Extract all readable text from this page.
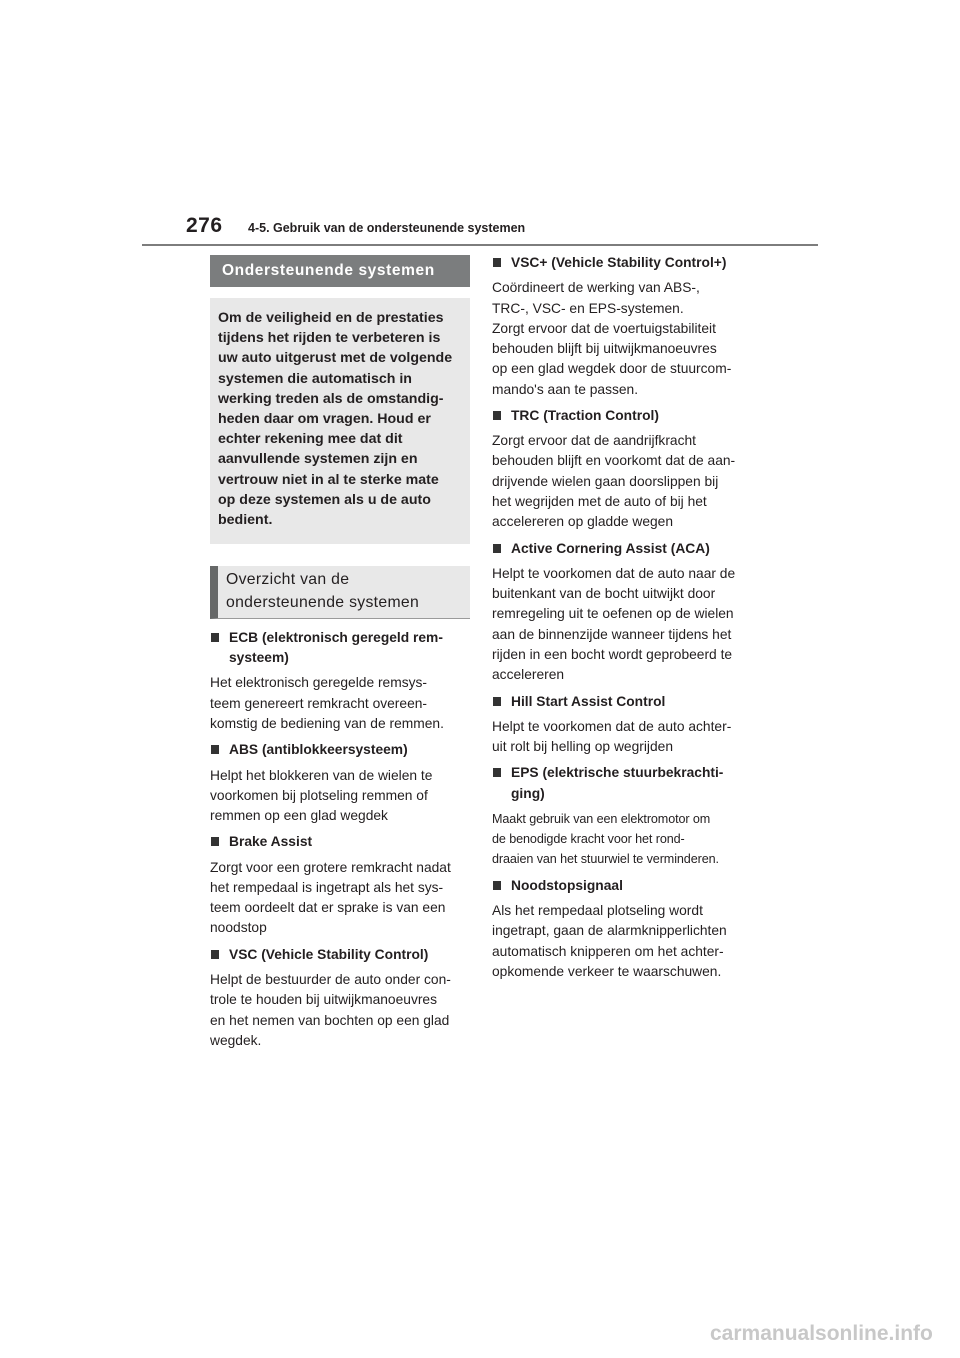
276 4-5. Gebruik van de ondersteunende systemen
Ondersteunende systemen
Om de veiligheid en de prestaties
tijdens het rijden te verbeteren is
uw auto uitgerust met de volgende
systemen die automatisch in
werking treden als de omstandig-
heden daar om vragen. Houd er
echter rekening mee dat dit
aanvullende systemen zijn en
vertrouw niet in al te sterke mate
op deze systemen als u de auto
bedient.
Overzicht van de
ondersteunende systemen
ECB (elektronisch geregeld rem-
systeem)
Het elektronisch geregelde remsys-
teem genereert remkracht overeen-
komstig de bediening van de remmen.
ABS (antiblokkeersysteem)
Helpt het blokkeren van de wielen te
voorkomen bij plotseling remmen of
remmen op een glad wegdek
Brake Assist
Zorgt voor een grotere remkracht nadat
het rempedaal is ingetrapt als het sys-
teem oordeelt dat er sprake is van een
noodstop
VSC (Vehicle Stability Control)
Helpt de bestuurder de auto onder con-
trole te houden bij uitwijkmanoeuvres
en het nemen van bochten op een glad
wegdek.
VSC+ (Vehicle Stability Control+)
Coördineert de werking van ABS-,
TRC-, VSC- en EPS-systemen.
Zorgt ervoor dat de voertuigstabiliteit
behouden blijft bij uitwijkmanoeuvres
op een glad wegdek door de stuurcom-
mando's aan te passen.
TRC (Traction Control)
Zorgt ervoor dat de aandrijfkracht
behouden blijft en voorkomt dat de aan-
drijvende wielen gaan doorslippen bij
het wegrijden met de auto of bij het
accelereren op gladde wegen
Active Cornering Assist (ACA)
Helpt te voorkomen dat de auto naar de
buitenkant van de bocht uitwijkt door
remregeling uit te oefenen op de wielen
aan de binnenzijde wanneer tijdens het
rijden in een bocht wordt geprobeerd te
accelereren
Hill Start Assist Control
Helpt te voorkomen dat de auto achter-
uit rolt bij helling op wegrijden
EPS (elektrische stuurbekrachti-
ging)
Maakt gebruik van een elektromotor om
de benodigde kracht voor het rond-
draaien van het stuurwiel te verminderen.
Noodstopsignaal
Als het rempedaal plotseling wordt
ingetrapt, gaan de alarmknipperlichten
automatisch knipperen om het achter-
opkomende verkeer te waarschuwen.
carmanualsonline.info
